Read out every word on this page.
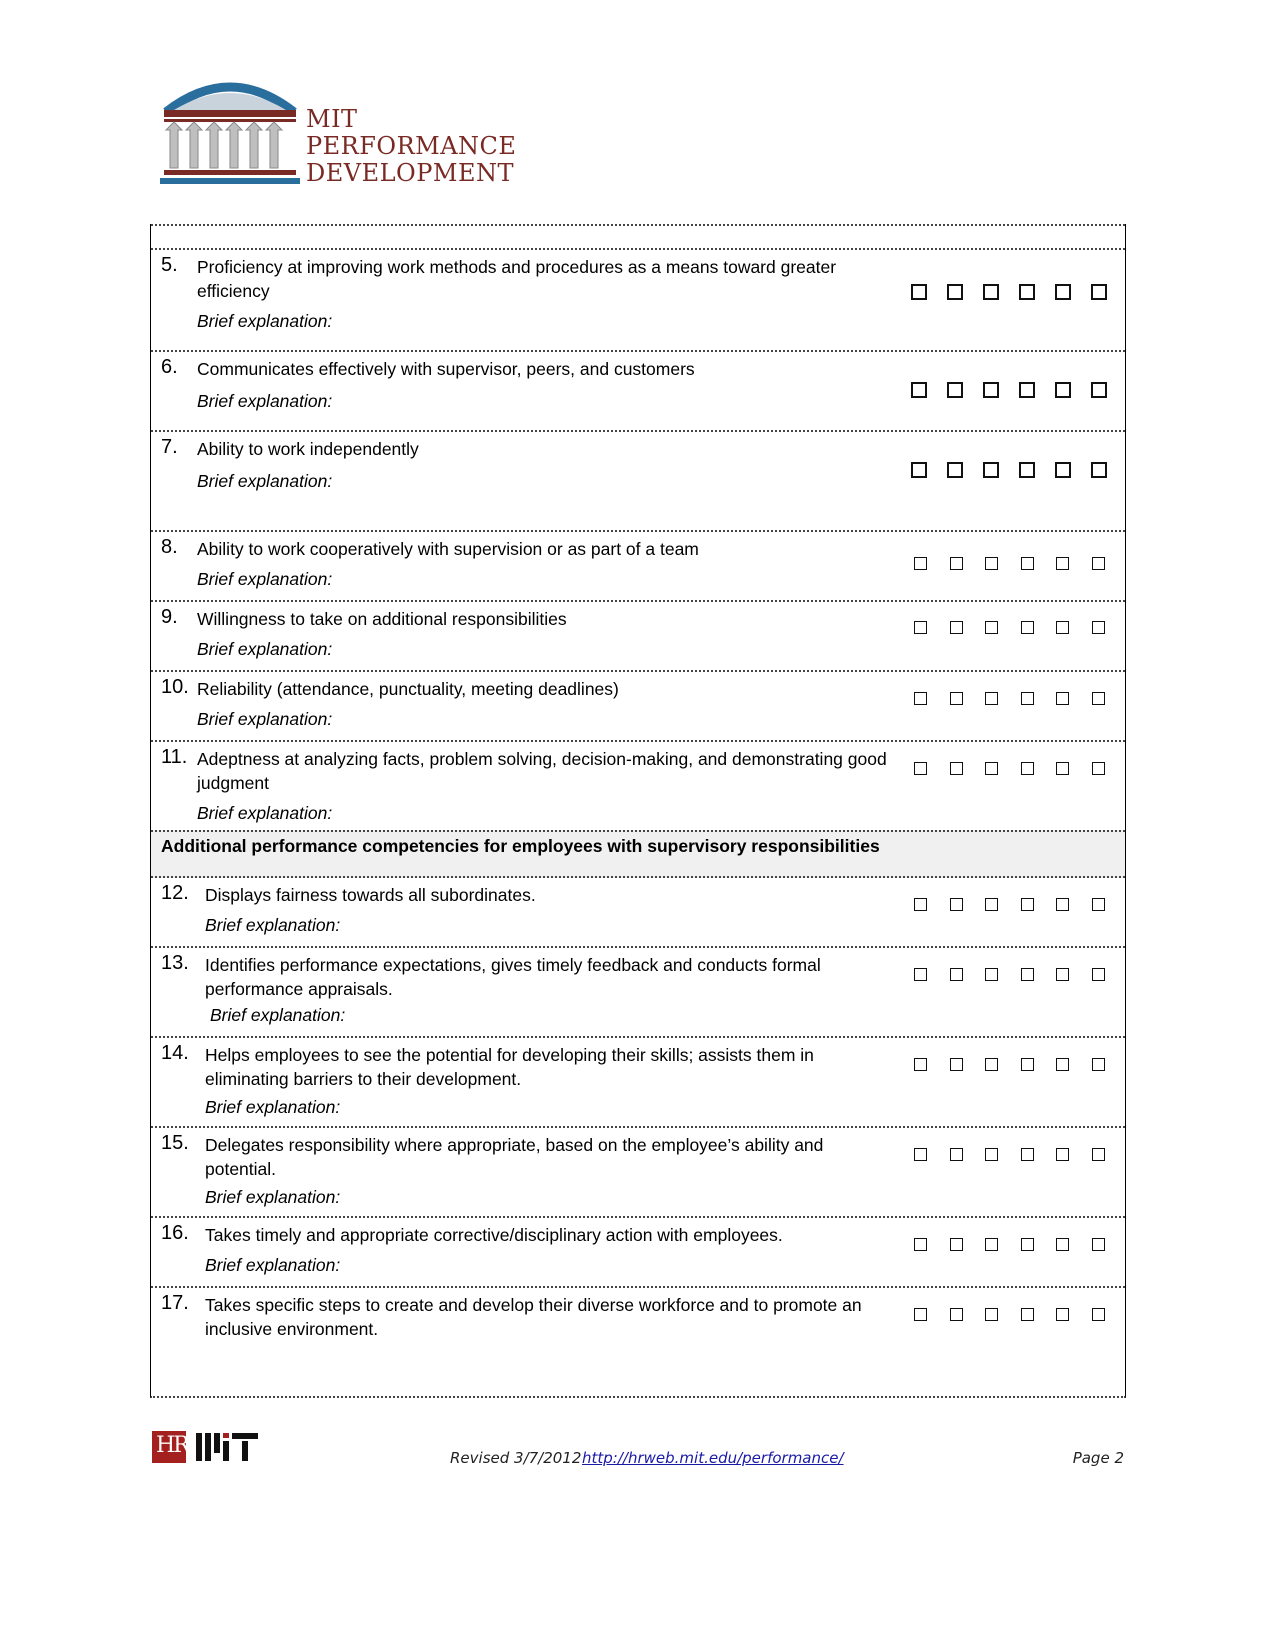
MIT
PERFORMANCE
DEVELOPMENT
5. Proficiency at improving work methods and procedures as a means toward greater efficiency
Brief explanation:
6. Communicates effectively with supervisor, peers, and customers
Brief explanation:
7. Ability to work independently
Brief explanation:
8. Ability to work cooperatively with supervision or as part of a team
Brief explanation:
9. Willingness to take on additional responsibilities
Brief explanation:
10. Reliability (attendance, punctuality, meeting deadlines)
Brief explanation:
11. Adeptness at analyzing facts, problem solving, decision-making, and demonstrating good judgment
Brief explanation:
Additional performance competencies for employees with supervisory responsibilities
12. Displays fairness towards all subordinates.
Brief explanation:
13. Identifies performance expectations, gives timely feedback and conducts formal performance appraisals.
Brief explanation:
14. Helps employees to see the potential for developing their skills; assists them in eliminating barriers to their development.
Brief explanation:
15. Delegates responsibility where appropriate, based on the employee’s ability and potential.
Brief explanation:
16. Takes timely and appropriate corrective/disciplinary action with employees.
Brief explanation:
17. Takes specific steps to create and develop their diverse workforce and to promote an inclusive environment.
HR	Revised 3/7/2012 http://hrweb.mit.edu/performance/	Page 2
